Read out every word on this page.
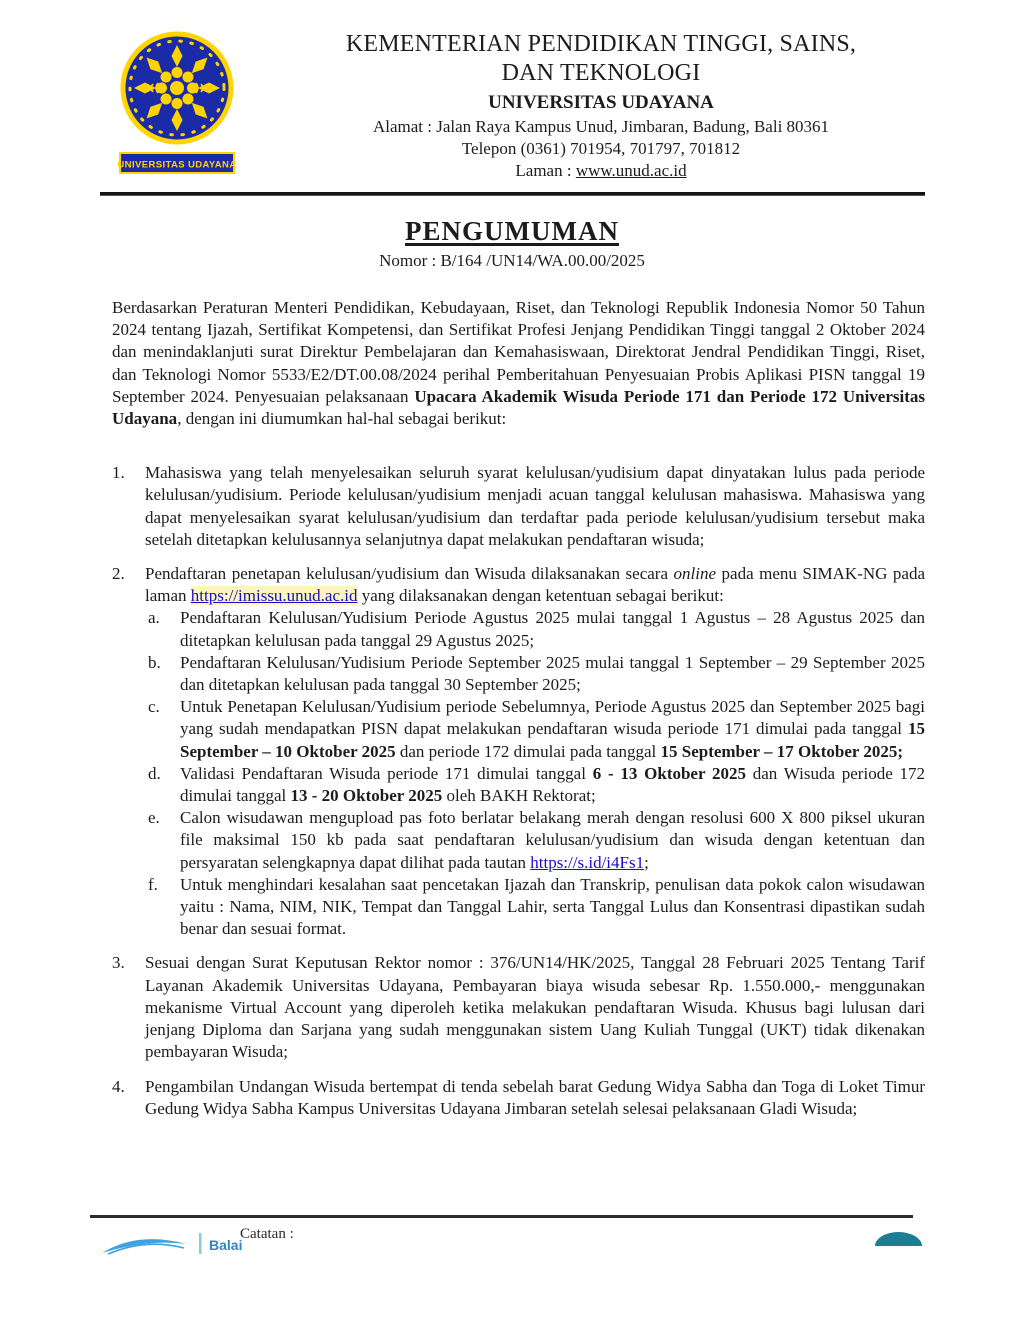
UNIVERSITAS UDAYANA
KEMENTERIAN PENDIDIKAN TINGGI, SAINS,
DAN TEKNOLOGI
UNIVERSITAS UDAYANA
Alamat : Jalan Raya Kampus Unud, Jimbaran, Badung, Bali 80361
Telepon (0361) 701954, 701797, 701812
Laman : www.unud.ac.id
PENGUMUMAN
Nomor : B/164 /UN14/WA.00.00/2025

Berdasarkan Peraturan Menteri Pendidikan, Kebudayaan, Riset, dan Teknologi Republik Indonesia Nomor 50 Tahun 2024 tentang Ijazah, Sertifikat Kompetensi, dan Sertifikat Profesi Jenjang Pendidikan Tinggi tanggal 2 Oktober 2024 dan menindaklanjuti surat Direktur Pembelajaran dan Kemahasiswaan, Direktorat Jendral Pendidikan Tinggi, Riset, dan Teknologi Nomor 5533/E2/DT.00.08/2024 perihal Pemberitahuan Penyesuaian Probis Aplikasi PISN tanggal 19 September 2024. Penyesuaian pelaksanaan Upacara Akademik Wisuda Periode 171 dan Periode 172 Universitas Udayana, dengan ini diumumkan hal-hal sebagai berikut:

1. Mahasiswa yang telah menyelesaikan seluruh syarat kelulusan/yudisium dapat dinyatakan lulus pada periode kelulusan/yudisium. Periode kelulusan/yudisium menjadi acuan tanggal kelulusan mahasiswa. Mahasiswa yang dapat menyelesaikan syarat kelulusan/yudisium dan terdaftar pada periode kelulusan/yudisium tersebut maka setelah ditetapkan kelulusannya selanjutnya dapat melakukan pendaftaran wisuda;
2. Pendaftaran penetapan kelulusan/yudisium dan Wisuda dilaksanakan secara online pada menu SIMAK-NG pada laman https://imissu.unud.ac.id yang dilaksanakan dengan ketentuan sebagai berikut:
a. Pendaftaran Kelulusan/Yudisium Periode Agustus 2025 mulai tanggal 1 Agustus – 28 Agustus 2025 dan ditetapkan kelulusan pada tanggal 29 Agustus 2025;
b. Pendaftaran Kelulusan/Yudisium Periode September 2025 mulai tanggal 1 September – 29 September 2025 dan ditetapkan kelulusan pada tanggal 30 September 2025;
c. Untuk Penetapan Kelulusan/Yudisium periode Sebelumnya, Periode Agustus 2025 dan September 2025 bagi yang sudah mendapatkan PISN dapat melakukan pendaftaran wisuda periode 171 dimulai pada tanggal 15 September – 10 Oktober 2025 dan periode 172 dimulai pada tanggal 15 September – 17 Oktober 2025;
d. Validasi Pendaftaran Wisuda periode 171 dimulai tanggal 6 - 13 Oktober 2025 dan Wisuda periode 172 dimulai tanggal 13 - 20 Oktober 2025 oleh BAKH Rektorat;
e. Calon wisudawan mengupload pas foto berlatar belakang merah dengan resolusi 600 X 800 piksel ukuran file maksimal 150 kb pada saat pendaftaran kelulusan/yudisium dan wisuda dengan ketentuan dan persyaratan selengkapnya dapat dilihat pada tautan https://s.id/i4Fs1;
f. Untuk menghindari kesalahan saat pencetakan Ijazah dan Transkrip, penulisan data pokok calon wisudawan yaitu : Nama, NIM, NIK, Tempat dan Tanggal Lahir, serta Tanggal Lulus dan Konsentrasi dipastikan sudah benar dan sesuai format.
3. Sesuai dengan Surat Keputusan Rektor nomor : 376/UN14/HK/2025, Tanggal 28 Februari 2025 Tentang Tarif Layanan Akademik Universitas Udayana, Pembayaran biaya wisuda sebesar Rp. 1.550.000,- menggunakan mekanisme Virtual Account yang diperoleh ketika melakukan pendaftaran Wisuda. Khusus bagi lulusan dari jenjang Diploma dan Sarjana yang sudah menggunakan sistem Uang Kuliah Tunggal (UKT) tidak dikenakan pembayaran Wisuda;
4. Pengambilan Undangan Wisuda bertempat di tenda sebelah barat Gedung Widya Sabha dan Toga di Loket Timur Gedung Widya Sabha Kampus Universitas Udayana Jimbaran setelah selesai pelaksanaan Gladi Wisuda;
Balai
Catatan :
